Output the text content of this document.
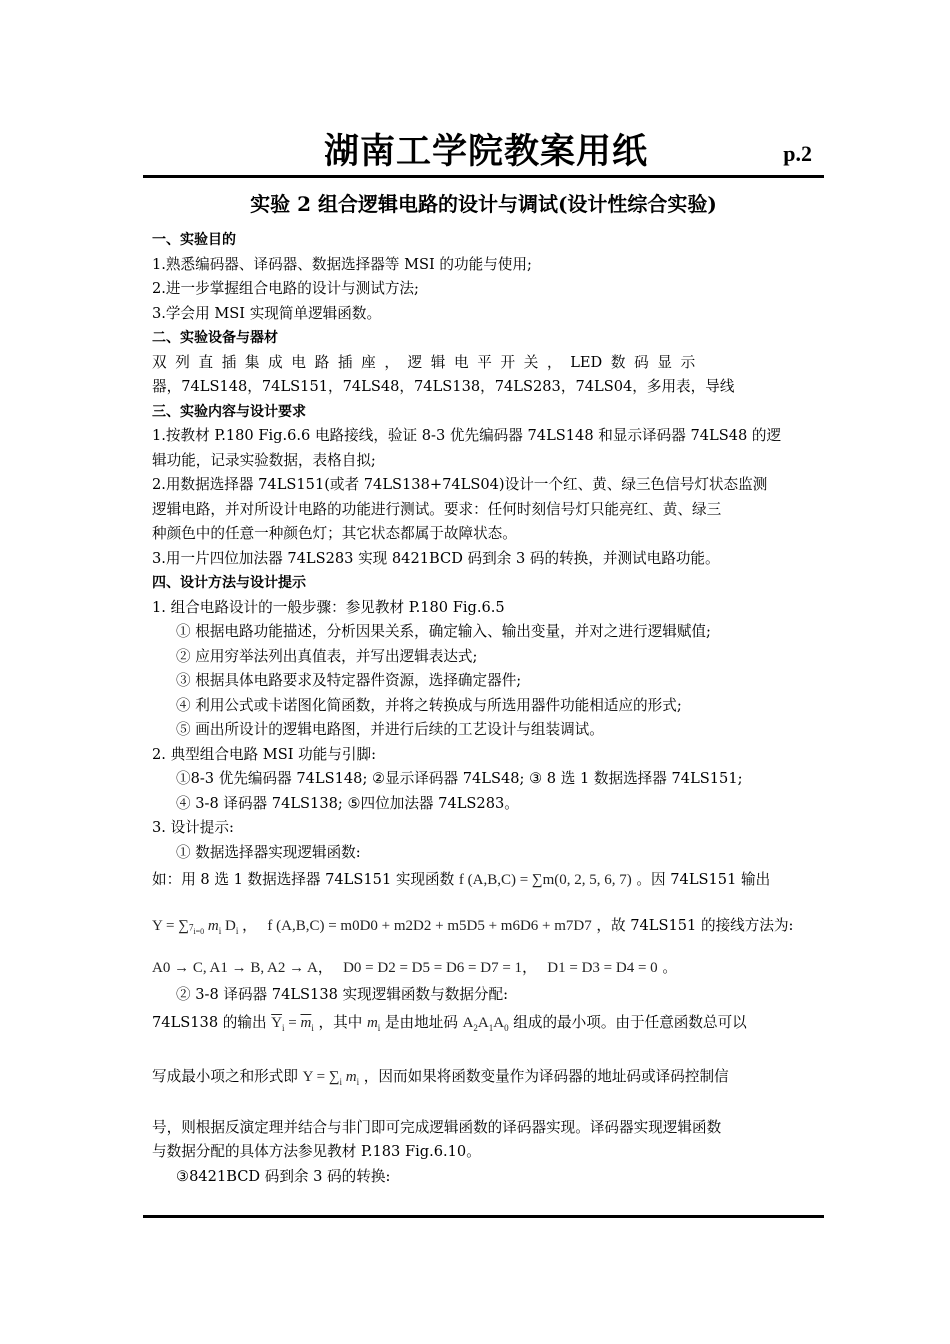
湖南工学院教案用纸	p.2
实验 2 组合逻辑电路的设计与调试(设计性综合实验)
一、实验目的
1.熟悉编码器、译码器、数据选择器等 MSI 的功能与使用;
2.进一步掌握组合电路的设计与测试方法;
3.学会用 MSI 实现简单逻辑函数。
二、实验设备与器材
双 列 直 插 集 成 电 路 插 座 ， 逻 辑 电 平 开 关 ， LED 数 码 显 示
器，74LS148，74LS151，74LS48，74LS138，74LS283，74LS04，多用表，导线
三、实验内容与设计要求
1.按教材 P.180 Fig.6.6 电路接线，验证 8-3 优先编码器 74LS148 和显示译码器 74LS48 的逻
辑功能，记录实验数据，表格自拟;
2.用数据选择器 74LS151(或者 74LS138+74LS04)设计一个红、黄、绿三色信号灯状态监测
逻辑电路，并对所设计电路的功能进行测试。要求：任何时刻信号灯只能亮红、黄、绿三
种颜色中的任意一种颜色灯；其它状态都属于故障状态。
3.用一片四位加法器 74LS283 实现 8421BCD 码到余 3 码的转换，并测试电路功能。
四、设计方法与设计提示
1. 组合电路设计的一般步骤：参见教材 P.180 Fig.6.5
① 根据电路功能描述，分析因果关系，确定输入、输出变量，并对之进行逻辑赋值;
② 应用穷举法列出真值表，并写出逻辑表达式;
③ 根据具体电路要求及特定器件资源，选择确定器件;
④ 利用公式或卡诺图化简函数，并将之转换成与所选用器件功能相适应的形式;
⑤ 画出所设计的逻辑电路图，并进行后续的工艺设计与组装调试。
2. 典型组合电路 MSI 功能与引脚:
①8-3 优先编码器 74LS148; ②显示译码器 74LS48; ③ 8 选 1 数据选择器 74LS151;
④ 3-8 译码器 74LS138; ⑤四位加法器 74LS283。
3. 设计提示:
① 数据选择器实现逻辑函数:
如：用 8 选 1 数据选择器 74LS151 实现函数 f (A,B,C) = ∑m(0, 2, 5, 6, 7) 。因 74LS151 输出
$Y = \sum_{^7i=0}$ $m_i$ $D_i$ ， f (A,B,C) = m0D0 + m2D2 + m5D5 + m6D6 + m7D7 ，故 74LS151 的接线方法为:
A0 → C, A1 → B, A2 → A， D0 = D2 = D5 = D6 = D7 = 1， D1 = D3 = D4 = 0 。
② 3-8 译码器 74LS138 实现逻辑函数与数据分配:
74LS138 的输出 $\overline{Y}_i = \overline{m}_i$ ，其中 $m_i$ 是由地址码 $A_2A_1A_0$ 组成的最小项。由于任意函数总可以
写成最小项之和形式即 $Y = \sum_i$ $m_i$ ，因而如果将函数变量作为译码器的地址码或译码控制信
号，则根据反演定理并结合与非门即可完成逻辑函数的译码器实现。译码器实现逻辑函数
与数据分配的具体方法参见教材 P.183 Fig.6.10。
③8421BCD 码到余 3 码的转换:
